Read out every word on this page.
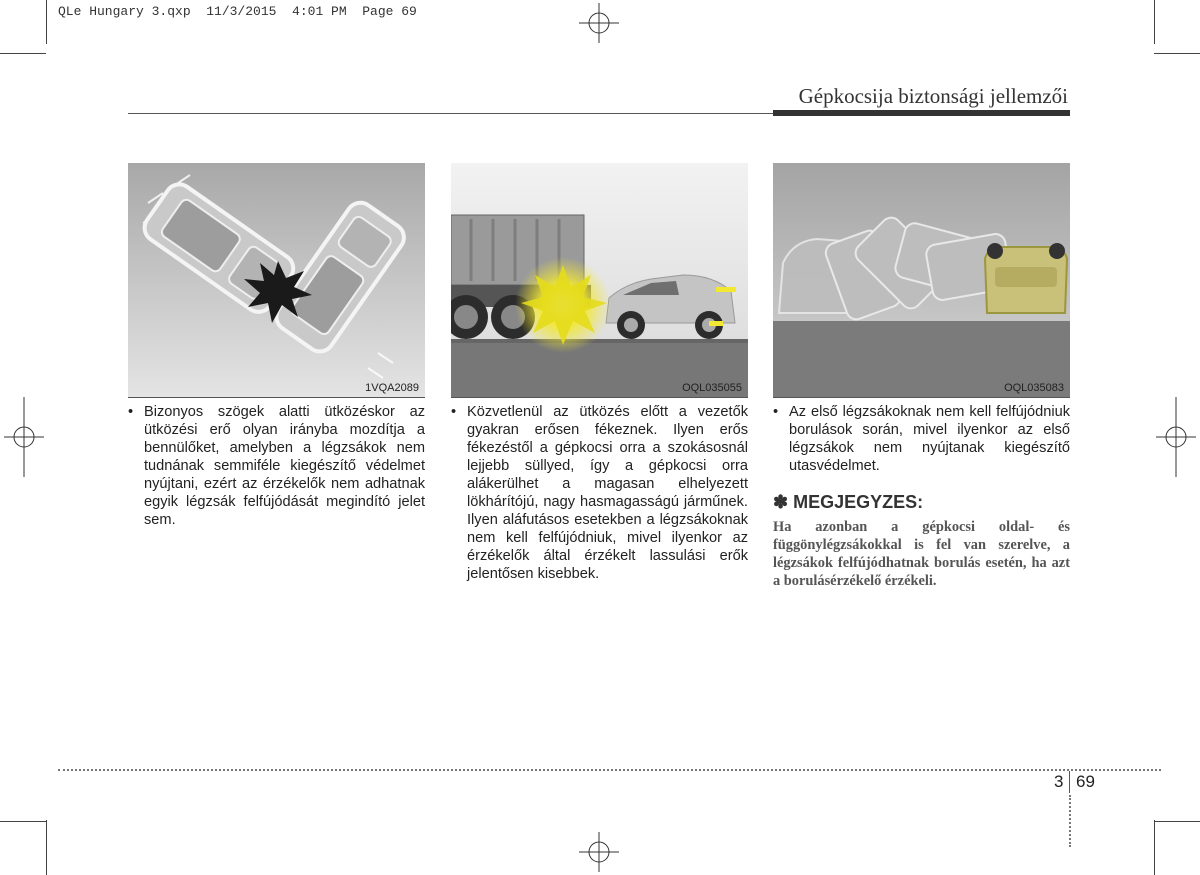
QLe Hungary 3.qxp  11/3/2015  4:01 PM  Page 69
Gépkocsija biztonsági jellemzői
1VQA2089	OQL035055	OQL035083
• Bizonyos szögek alatti ütközéskor az ütközési erő olyan irányba mozdítja a bennülőket, amelyben a légzsákok nem tudnának semmiféle kiegészítő védelmet nyújtani, ezért az érzékelők nem adhatnak egyik légzsák felfújódását megindító jelet sem.
• Közvetlenül az ütközés előtt a vezetők gyakran erősen fékeznek. Ilyen erős fékezéstől a gépkocsi orra a szokásosnál lejjebb süllyed, így a gépkocsi orra alákerülhet a magasan elhelyezett lökhárítójú, nagy hasmagasságú járműnek. Ilyen aláfutásos esetekben a légzsákoknak nem kell felfújódniuk, mivel ilyenkor az érzékelők által érzékelt lassulási erők jelentősen kisebbek.
• Az első légzsákoknak nem kell felfújódniuk borulások során, mivel ilyenkor az első légzsákok nem nyújtanak kiegészítő utasvédelmet.
✽ MEGJEGYZES:
Ha azonban a gépkocsi oldal- és függönylégzsákokkal is fel van szerelve, a légzsákok felfújódhatnak borulás esetén, ha azt a borulásérzékelő érzékeli.
3 69
